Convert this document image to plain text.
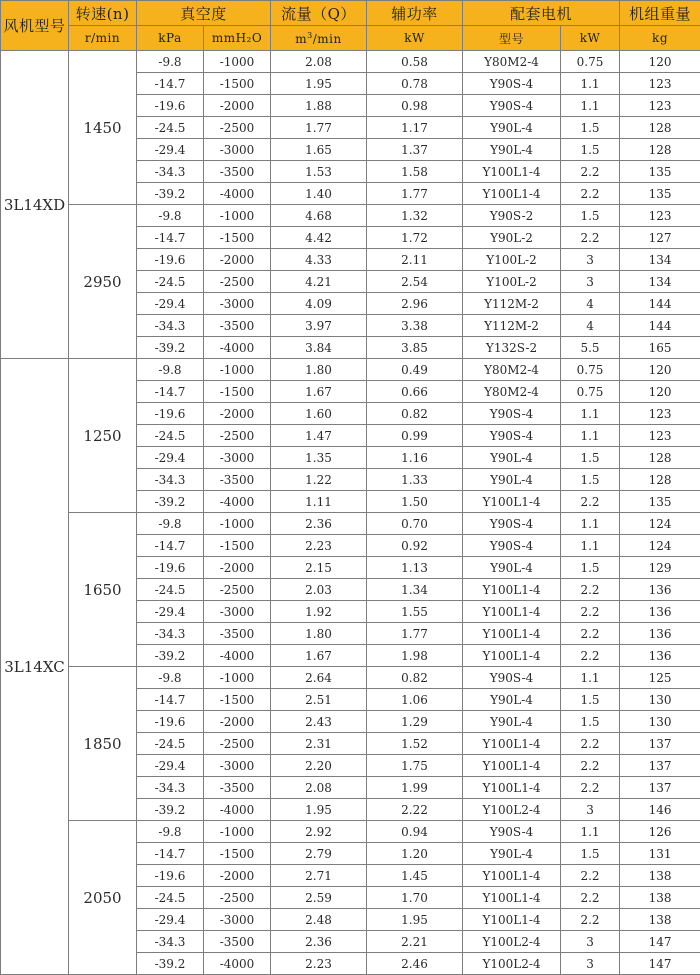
风机型号	转速(n)	真空度		流量（Q）	辅功率	配套电机		机组重量
	r/min	kPa	mmH₂O	$m^3/\min$	kW	型号	kW	kg
3L14XD	1450	-9.8	-1000	2.08	0.58	Y80M2-4	0.75	120
		-14.7	-1500	1.95	0.78	Y90S-4	1.1	123
		-19.6	-2000	1.88	0.98	Y90S-4	1.1	123
		-24.5	-2500	1.77	1.17	Y90L-4	1.5	128
		-29.4	-3000	1.65	1.37	Y90L-4	1.5	128
		-34.3	-3500	1.53	1.58	Y100L1-4	2.2	135
		-39.2	-4000	1.40	1.77	Y100L1-4	2.2	135
	2950	-9.8	-1000	4.68	1.32	Y90S-2	1.5	123
		-14.7	-1500	4.42	1.72	Y90L-2	2.2	127
		-19.6	-2000	4.33	2.11	Y100L-2	3	134
		-24.5	-2500	4.21	2.54	Y100L-2	3	134
		-29.4	-3000	4.09	2.96	Y112M-2	4	144
		-34.3	-3500	3.97	3.38	Y112M-2	4	144
		-39.2	-4000	3.84	3.85	Y132S-2	5.5	165
3L14XC	1250	-9.8	-1000	1.80	0.49	Y80M2-4	0.75	120
		-14.7	-1500	1.67	0.66	Y80M2-4	0.75	120
		-19.6	-2000	1.60	0.82	Y90S-4	1.1	123
		-24.5	-2500	1.47	0.99	Y90S-4	1.1	123
		-29.4	-3000	1.35	1.16	Y90L-4	1.5	128
		-34.3	-3500	1.22	1.33	Y90L-4	1.5	128
		-39.2	-4000	1.11	1.50	Y100L1-4	2.2	135
	1650	-9.8	-1000	2.36	0.70	Y90S-4	1.1	124
		-14.7	-1500	2.23	0.92	Y90S-4	1.1	124
		-19.6	-2000	2.15	1.13	Y90L-4	1.5	129
		-24.5	-2500	2.03	1.34	Y100L1-4	2.2	136
		-29.4	-3000	1.92	1.55	Y100L1-4	2.2	136
		-34.3	-3500	1.80	1.77	Y100L1-4	2.2	136
		-39.2	-4000	1.67	1.98	Y100L1-4	2.2	136
	1850	-9.8	-1000	2.64	0.82	Y90S-4	1.1	125
		-14.7	-1500	2.51	1.06	Y90L-4	1.5	130
		-19.6	-2000	2.43	1.29	Y90L-4	1.5	130
		-24.5	-2500	2.31	1.52	Y100L1-4	2.2	137
		-29.4	-3000	2.20	1.75	Y100L1-4	2.2	137
		-34.3	-3500	2.08	1.99	Y100L1-4	2.2	137
		-39.2	-4000	1.95	2.22	Y100L2-4	3	146
	2050	-9.8	-1000	2.92	0.94	Y90S-4	1.1	126
		-14.7	-1500	2.79	1.20	Y90L-4	1.5	131
		-19.6	-2000	2.71	1.45	Y100L1-4	2.2	138
		-24.5	-2500	2.59	1.70	Y100L1-4	2.2	138
		-29.4	-3000	2.48	1.95	Y100L1-4	2.2	138
		-34.3	-3500	2.36	2.21	Y100L2-4	3	147
		-39.2	-4000	2.23	2.46	Y100L2-4	3	147
